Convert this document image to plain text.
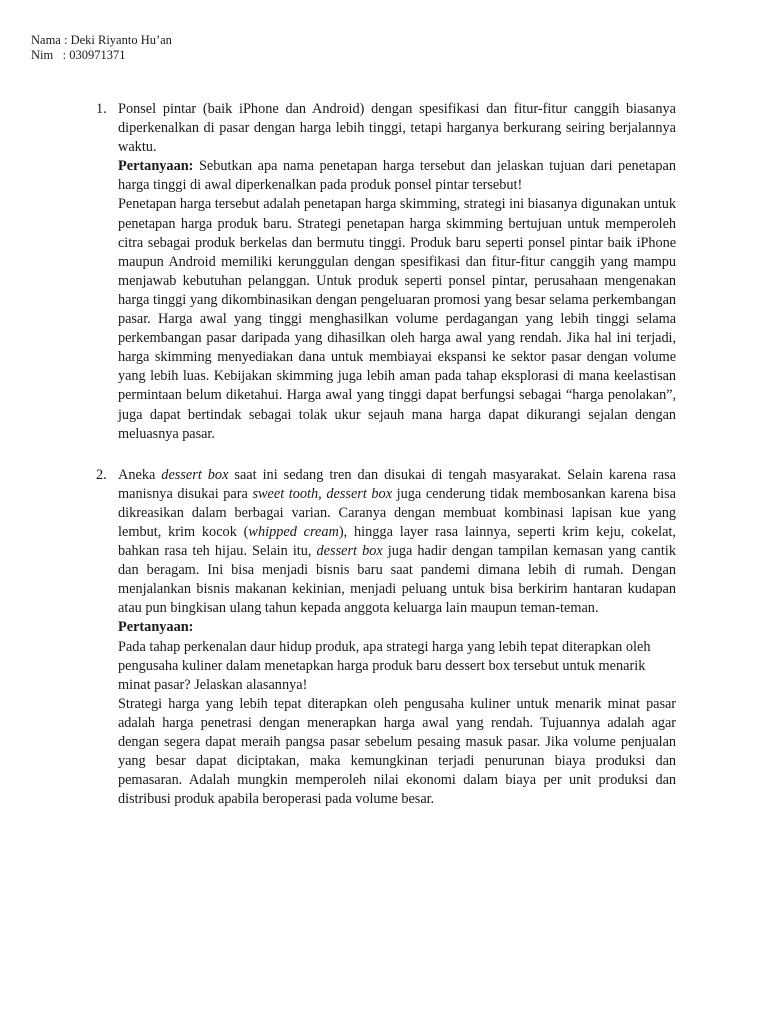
Nama : Deki Riyanto Hu’an
Nim   : 030971371
1. Ponsel pintar (baik iPhone dan Android) dengan spesifikasi dan fitur-fitur canggih biasanya diperkenalkan di pasar dengan harga lebih tinggi, tetapi harganya berkurang seiring berjalannya waktu.

Pertanyaan: Sebutkan apa nama penetapan harga tersebut dan jelaskan tujuan dari penetapan harga tinggi di awal diperkenalkan pada produk ponsel pintar tersebut!

Penetapan harga tersebut adalah penetapan harga skimming, strategi ini biasanya digunakan untuk penetapan harga produk baru. Strategi penetapan harga skimming bertujuan untuk memperoleh citra sebagai produk berkelas dan bermutu tinggi. Produk baru seperti ponsel pintar baik iPhone maupun Android memiliki kerunggulan dengan spesifikasi dan fitur-fitur canggih yang mampu menjawab kebutuhan pelanggan. Untuk produk seperti ponsel pintar, perusahaan mengenakan harga tinggi yang dikombinasikan dengan pengeluaran promosi yang besar selama perkembangan pasar. Harga awal yang tinggi menghasilkan volume perdagangan yang lebih tinggi selama perkembangan pasar daripada yang dihasilkan oleh harga awal yang rendah. Jika hal ini terjadi, harga skimming menyediakan dana untuk membiayai ekspansi ke sektor pasar dengan volume yang lebih luas. Kebijakan skimming juga lebih aman pada tahap eksplorasi di mana keelastisan permintaan belum diketahui. Harga awal yang tinggi dapat berfungsi sebagai “harga penolakan”, juga dapat bertindak sebagai tolak ukur sejauh mana harga dapat dikurangi sejalan dengan meluasnya pasar.

2. Aneka dessert box saat ini sedang tren dan disukai di tengah masyarakat. Selain karena rasa manisnya disukai para sweet tooth, dessert box juga cenderung tidak membosankan karena bisa dikreasikan dalam berbagai varian. Caranya dengan membuat kombinasi lapisan kue yang lembut, krim kocok (whipped cream), hingga layer rasa lainnya, seperti krim keju, cokelat, bahkan rasa teh hijau. Selain itu, dessert box juga hadir dengan tampilan kemasan yang cantik dan beragam. Ini bisa menjadi bisnis baru saat pandemi dimana lebih di rumah. Dengan menjalankan bisnis makanan kekinian, menjadi peluang untuk bisa berkirim hantaran kudapan atau pun bingkisan ulang tahun kepada anggota keluarga lain maupun teman-teman.

Pertanyaan:

Pada tahap perkenalan daur hidup produk, apa strategi harga yang lebih tepat diterapkan oleh pengusaha kuliner dalam menetapkan harga produk baru dessert box tersebut untuk menarik minat pasar? Jelaskan alasannya!

Strategi harga yang lebih tepat diterapkan oleh pengusaha kuliner untuk menarik minat pasar adalah harga penetrasi dengan menerapkan harga awal yang rendah. Tujuannya adalah agar dengan segera dapat meraih pangsa pasar sebelum pesaing masuk pasar. Jika volume penjualan yang besar dapat diciptakan, maka kemungkinan terjadi penurunan biaya produksi dan pemasaran. Adalah mungkin memperoleh nilai ekonomi dalam biaya per unit produksi dan distribusi produk apabila beroperasi pada volume besar.
